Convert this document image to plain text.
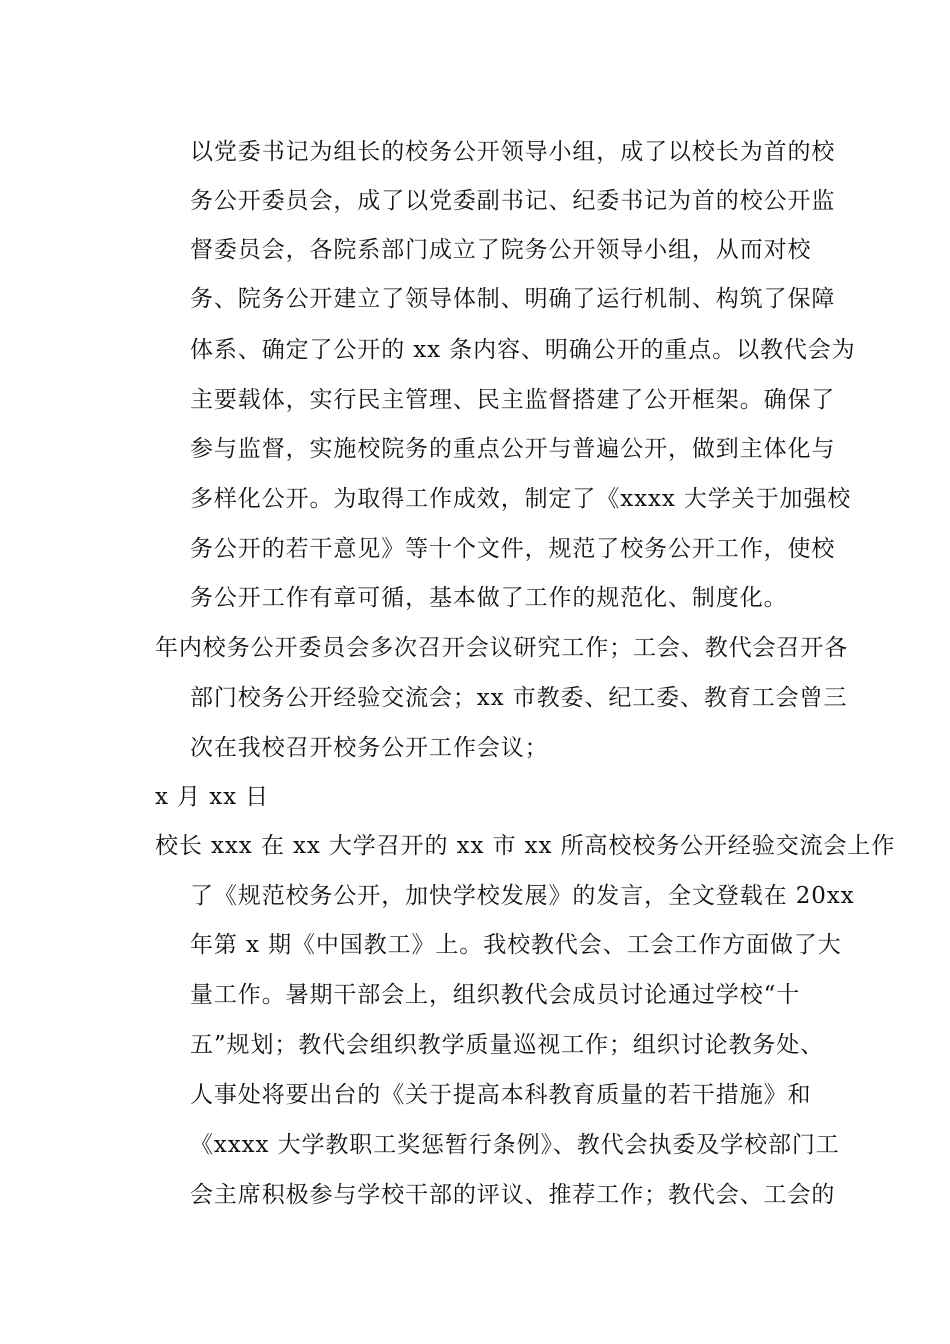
以党委书记为组长的校务公开领导小组，成了以校长为首的校
务公开委员会，成了以党委副书记、纪委书记为首的校公开监
督委员会，各院系部门成立了院务公开领导小组，从而对校
务、院务公开建立了领导体制、明确了运行机制、构筑了保障
体系、确定了公开的 xx 条内容、明确公开的重点。以教代会为
主要载体，实行民主管理、民主监督搭建了公开框架。确保了
参与监督，实施校院务的重点公开与普遍公开，做到主体化与
多样化公开。为取得工作成效，制定了《xxxx 大学关于加强校
务公开的若干意见》等十个文件，规范了校务公开工作，使校
务公开工作有章可循，基本做了工作的规范化、制度化。
年内校务公开委员会多次召开会议研究工作；工会、教代会召开各
部门校务公开经验交流会；xx 市教委、纪工委、教育工会曾三
次在我校召开校务公开工作会议；
x 月 xx 日
校长 xxx 在 xx 大学召开的 xx 市 xx 所高校校务公开经验交流会上作
了《规范校务公开，加快学校发展》的发言，全文登载在 20xx
年第 x 期《中国教工》上。我校教代会、工会工作方面做了大
量工作。暑期干部会上，组织教代会成员讨论通过学校“十
五”规划；教代会组织教学质量巡视工作；组织讨论教务处、
人事处将要出台的《关于提高本科教育质量的若干措施》和
《xxxx 大学教职工奖惩暂行条例》、教代会执委及学校部门工
会主席积极参与学校干部的评议、推荐工作；教代会、工会的
